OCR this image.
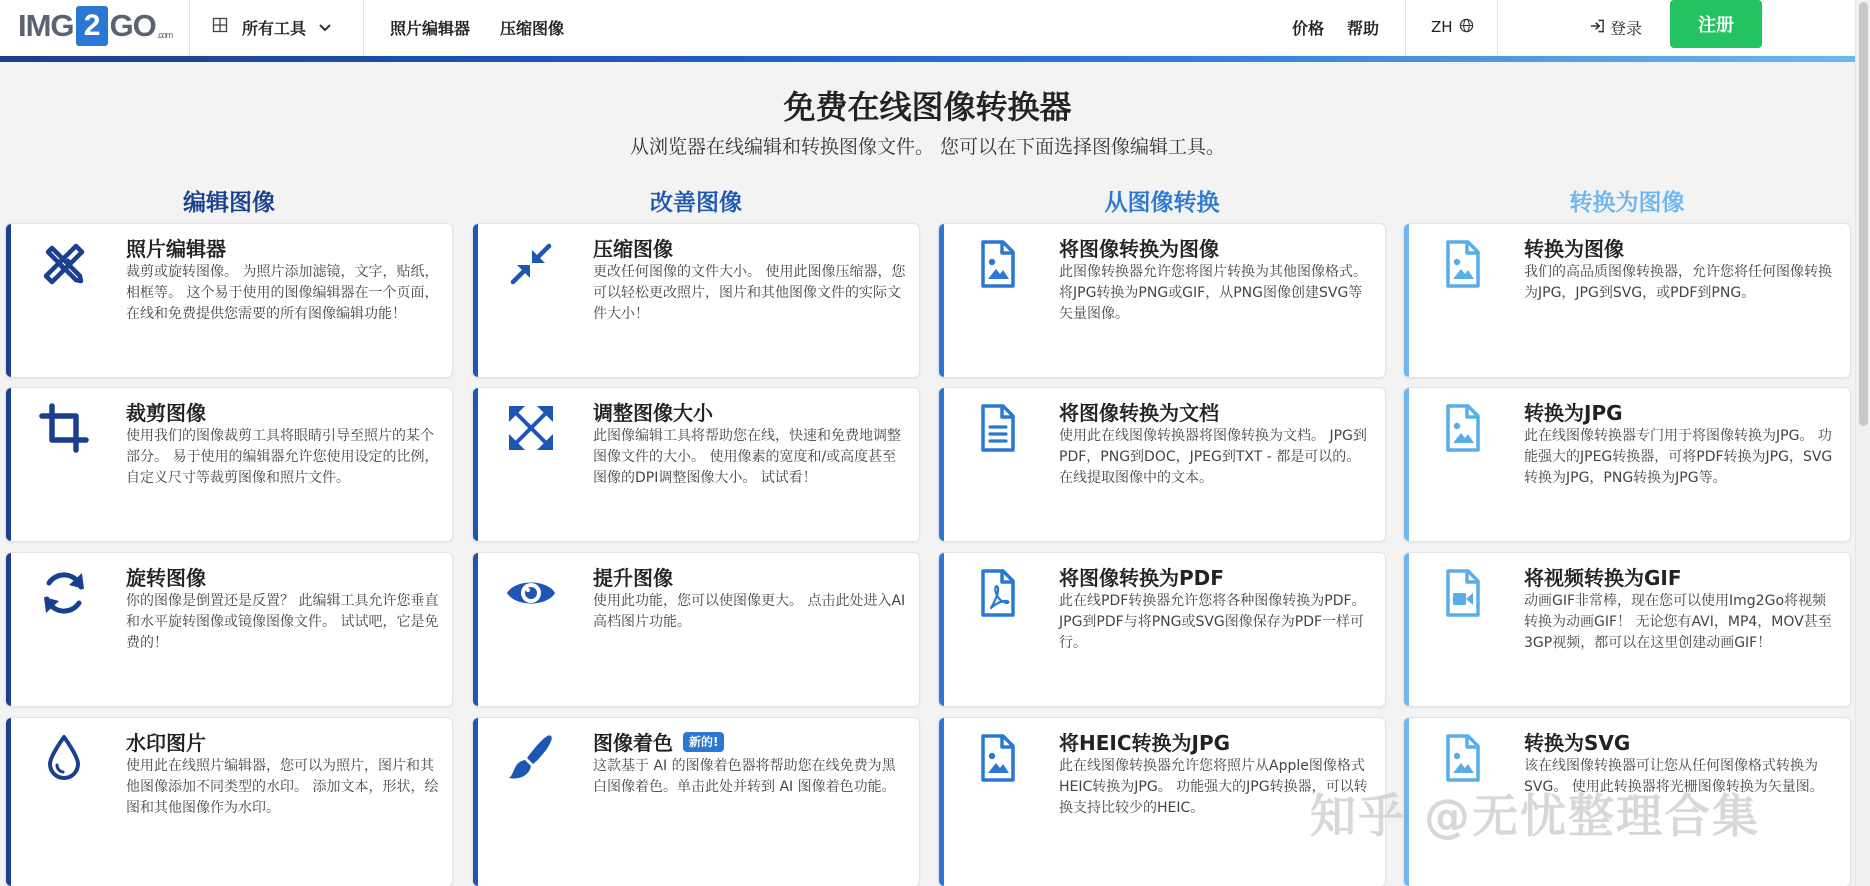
IMG 2 GO .com	所有工具	照片编辑器 压缩图像	价格 帮助	ZH	登录	注册
免费在线图像转换器
从浏览器在线编辑和转换图像文件。 您可以在下面选择图像编辑工具。
编辑图像
照片编辑器
裁剪或旋转图像。 为照片添加滤镜，文字，贴纸，相框等。 这个易于使用的图像编辑器在一个页面，在线和免费提供您需要的所有图像编辑功能！
裁剪图像
使用我们的图像裁剪工具将眼睛引导至照片的某个部分。 易于使用的编辑器允许您使用设定的比例，自定义尺寸等裁剪图像和照片文件。
旋转图像
你的图像是倒置还是反置？ 此编辑工具允许您垂直和水平旋转图像或镜像图像文件。 试试吧，它是免费的！
水印图片
使用此在线照片编辑器，您可以为照片，图片和其他图像添加不同类型的水印。 添加文本，形状，绘图和其他图像作为水印。
改善图像
压缩图像
更改任何图像的文件大小。 使用此图像压缩器，您可以轻松更改照片，图片和其他图像文件的实际文件大小！
调整图像大小
此图像编辑工具将帮助您在线，快速和免费地调整图像文件的大小。 使用像素的宽度和/或高度甚至图像的DPI调整图像大小。 试试看！
提升图像
使用此功能，您可以使图像更大。 点击此处进入AI高档图片功能。
图像着色	新的!
这款基于 AI 的图像着色器将帮助您在线免费为黑白图像着色。单击此处并转到 AI 图像着色功能。
从图像转换
将图像转换为图像
此图像转换器允许您将图片转换为其他图像格式。 将JPG转换为PNG或GIF，从PNG图像创建SVG等矢量图像。
将图像转换为文档
使用此在线图像转换器将图像转换为文档。 JPG到PDF，PNG到DOC，JPEG到TXT - 都是可以的。 在线提取图像中的文本。
将图像转换为PDF
此在线PDF转换器允许您将各种图像转换为PDF。 JPG到PDF与将PNG或SVG图像保存为PDF一样可行。
将HEIC转换为JPG
此在线图像转换器允许您将照片从Apple图像格式HEIC转换为JPG。 功能强大的JPG转换器，可以转换支持比较少的HEIC。
转换为图像
转换为图像
我们的高品质图像转换器，允许您将任何图像转换为JPG，JPG到SVG，或PDF到PNG。
转换为JPG
此在线图像转换器专门用于将图像转换为JPG。 功能强大的JPEG转换器，可将PDF转换为JPG，SVG转换为JPG，PNG转换为JPG等。
将视频转换为GIF
动画GIF非常棒，现在您可以使用Img2Go将视频转换为动画GIF！ 无论您有AVI，MP4，MOV甚至3GP视频，都可以在这里创建动画GIF！
转换为SVG
该在线图像转换器可让您从任何图像格式转换为SVG。 使用此转换器将光栅图像转换为矢量图。
知乎 @无忧整理合集
